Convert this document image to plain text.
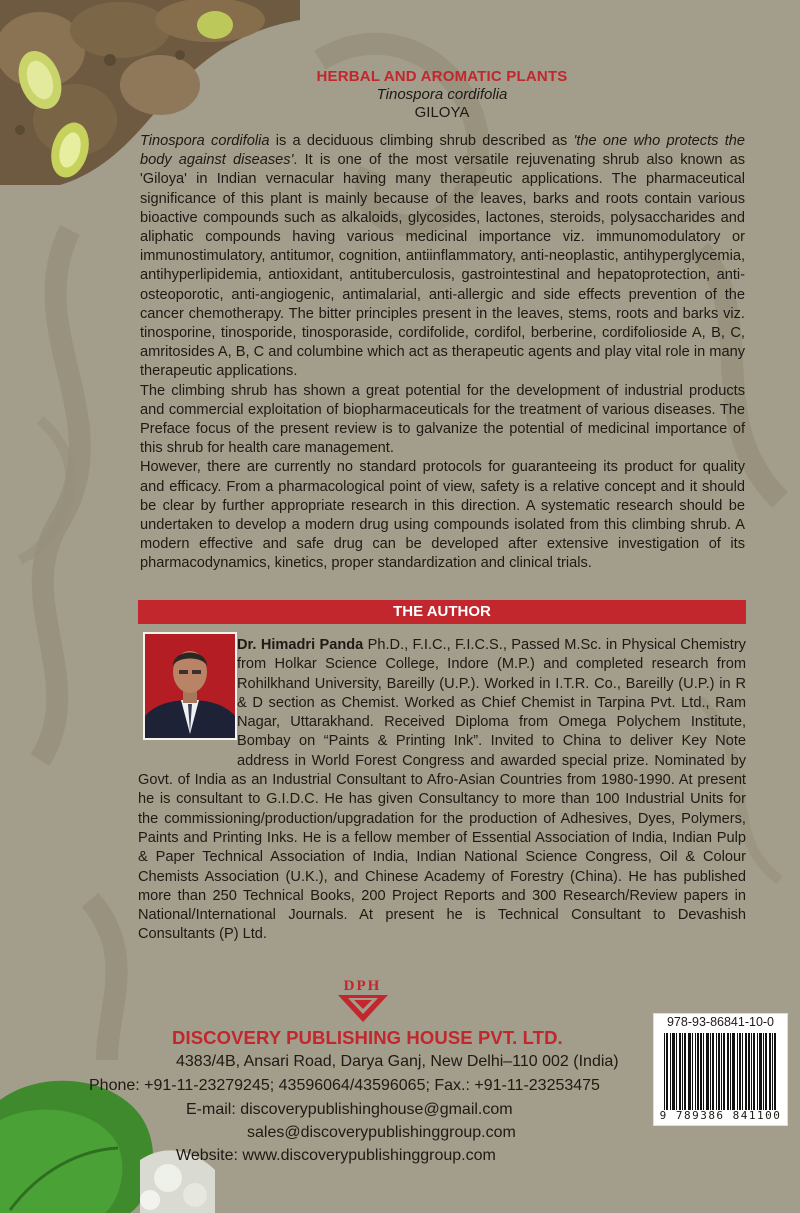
HERBAL AND AROMATIC PLANTS
Tinospora cordifolia
GILOYA

Tinospora cordifolia is a deciduous climbing shrub described as 'the one who protects the body against diseases'. It is one of the most versatile rejuvenating shrub also known as 'Giloya' in Indian vernacular having many therapeutic applications. The pharmaceutical significance of this plant is mainly because of the leaves, barks and roots contain various bioactive compounds such as alkaloids, glycosides, lactones, steroids, polysaccharides and aliphatic compounds having various medicinal importance viz. immunomodulatory or immunostimulatory, antitumor, cognition, antiinflammatory, anti-neoplastic, antihyperglycemia, antihyperlipidemia, antioxidant, antituberculosis, gastrointestinal and hepatoprotection, anti-osteoporotic, anti-angiogenic, antimalarial, anti-allergic and side effects prevention of the cancer chemotherapy. The bitter principles present in the leaves, stems, roots and barks viz. tinosporine, tinosporide, tinosporaside, cordifolide, cordifol, berberine, cordifolioside A, B, C, amritosides A, B, C and columbine which act as therapeutic agents and play vital role in many therapeutic applications.

The climbing shrub has shown a great potential for the development of industrial products and commercial exploitation of biopharmaceuticals for the treatment of various diseases. The Preface focus of the present review is to galvanize the potential of medicinal importance of this shrub for health care management.

However, there are currently no standard protocols for guaranteeing its product for quality and efficacy. From a pharmacological point of view, safety is a relative concept and it should be clear by further appropriate research in this direction. A systematic research should be undertaken to develop a modern drug using compounds isolated from this climbing shrub. A modern effective and safe drug can be developed after extensive investigation of its pharmacodynamics, kinetics, proper standardization and clinical trials.

THE AUTHOR
Dr. Himadri Panda Ph.D., F.I.C., F.I.C.S., Passed M.Sc. in Physical Chemistry from Holkar Science College, Indore (M.P.) and completed research from Rohilkhand University, Bareilly (U.P.). Worked in I.T.R. Co., Bareilly (U.P.) in R & D section as Chemist. Worked as Chief Chemist in Tarpina Pvt. Ltd., Ram Nagar, Uttarakhand. Received Diploma from Omega Polychem Institute, Bombay on “Paints & Printing Ink”. Invited to China to deliver Key Note address in World Forest Congress and awarded special prize. Nominated by Govt. of India as an Industrial Consultant to Afro-Asian Countries from 1980-1990. At present he is consultant to G.I.D.C. He has given Consultancy to more than 100 Industrial Units for the commissioning/production/upgradation for the production of Adhesives, Dyes, Polymers, Paints and Printing Inks. He is a fellow member of Essential Association of India, Indian Pulp & Paper Technical Association of India, Indian National Science Congress, Oil & Colour Chemists Association (U.K.), and Chinese Academy of Forestry (China). He has published more than 250 Technical Books, 200 Project Reports and 300 Research/Review papers in National/International Journals. At present he is Technical Consultant to Devashish Consultants (P) Ltd.
DPH
DISCOVERY PUBLISHING HOUSE PVT. LTD.
4383/4B, Ansari Road, Darya Ganj, New Delhi–110 002 (India)
Phone: +91-11-23279245; 43596064/43596065; Fax.: +91-11-23253475
E-mail: discoverypublishinghouse@gmail.com
sales@discoverypublishinggroup.com
Website: www.discoverypublishinggroup.com
978-93-86841-10-0
9 789386 841100
